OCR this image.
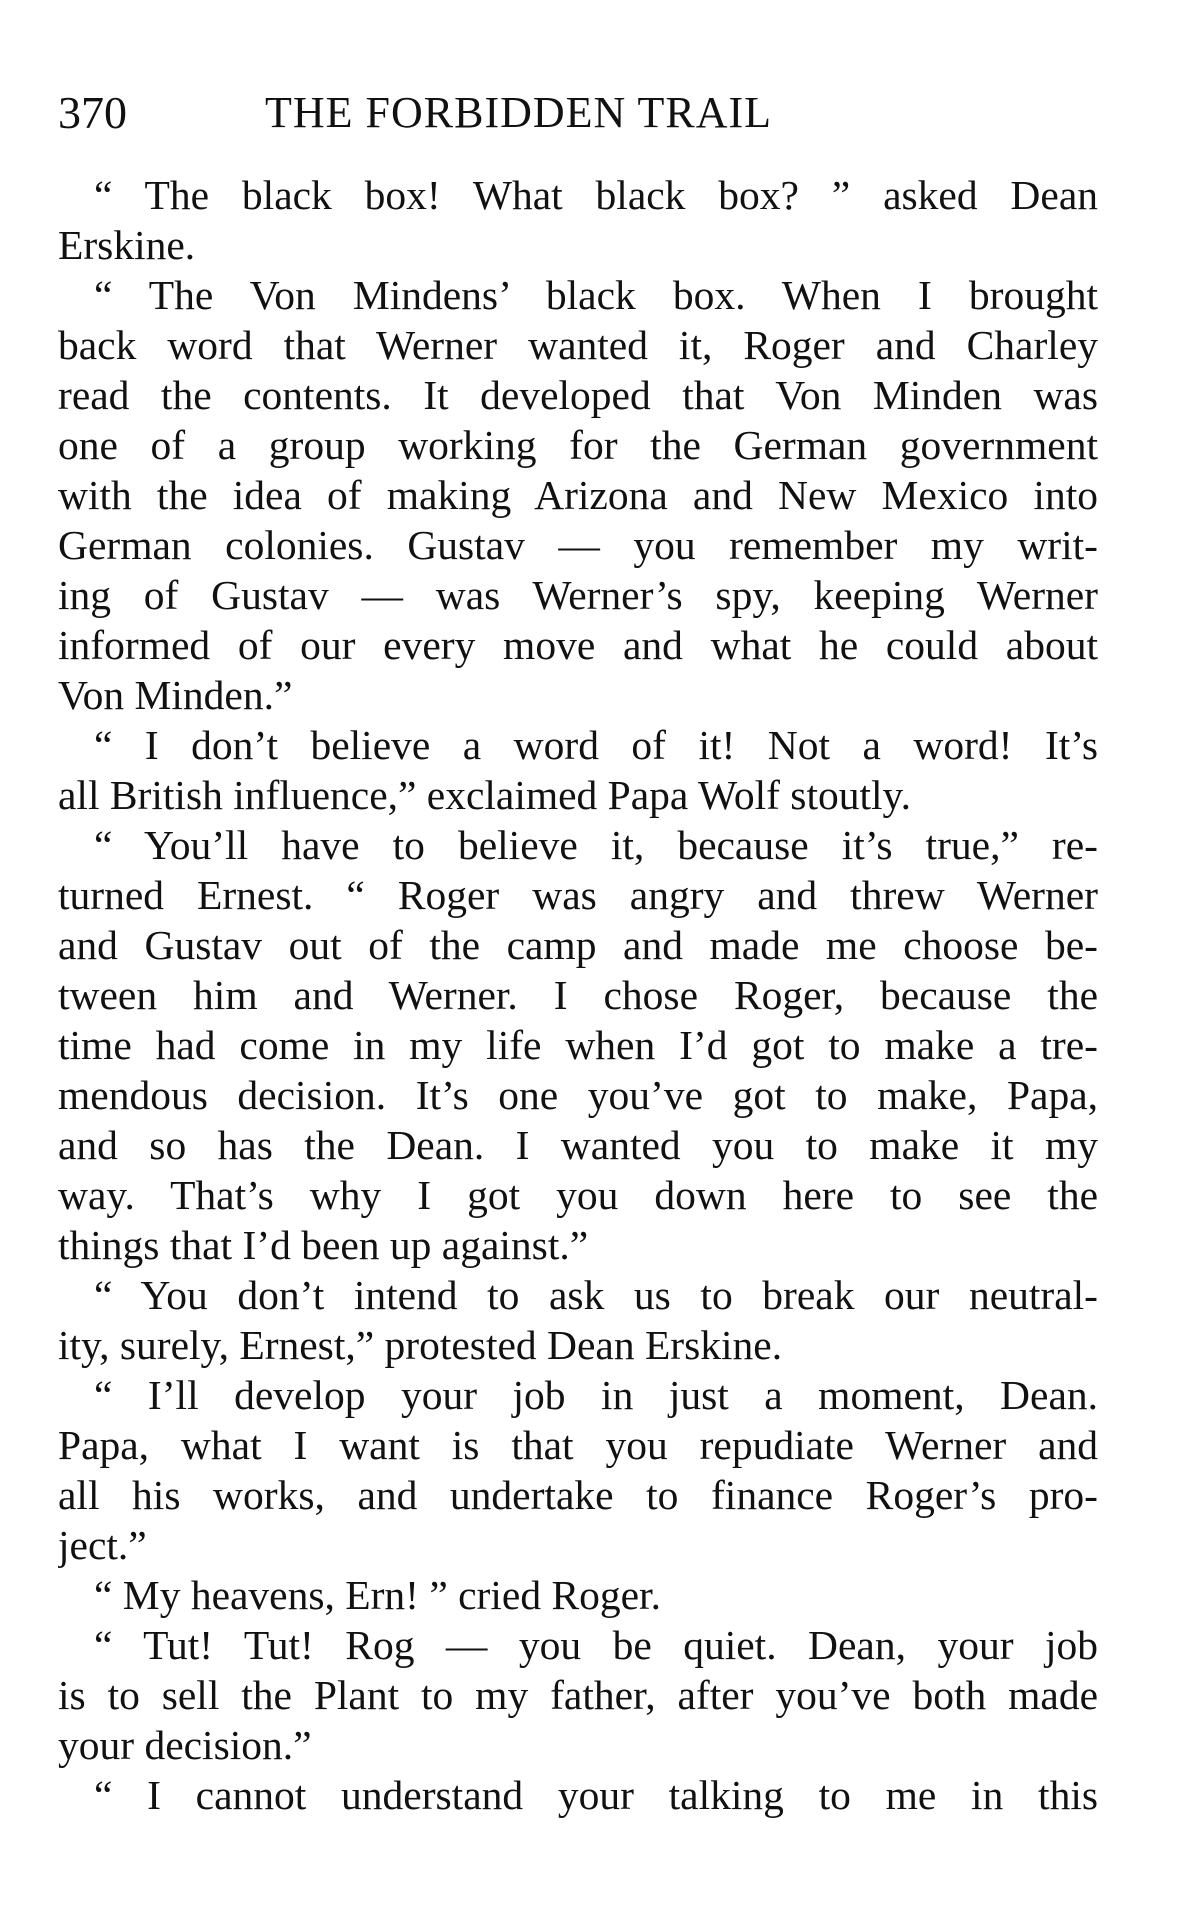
370	THE FORBIDDEN TRAIL
“ The black box! What black box? ” asked Dean
Erskine.
“ The Von Mindens’ black box. When I brought
back word that Werner wanted it, Roger and Charley
read the contents. It developed that Von Minden was
one of a group working for the German government
with the idea of making Arizona and New Mexico into
German colonies. Gustav — you remember my writ-
ing of Gustav — was Werner’s spy, keeping Werner
informed of our every move and what he could about
Von Minden.”
“ I don’t believe a word of it! Not a word! It’s
all British influence,” exclaimed Papa Wolf stoutly.
“ You’ll have to believe it, because it’s true,” re-
turned Ernest. “ Roger was angry and threw Werner
and Gustav out of the camp and made me choose be-
tween him and Werner. I chose Roger, because the
time had come in my life when I’d got to make a tre-
mendous decision. It’s one you’ve got to make, Papa,
and so has the Dean. I wanted you to make it my
way. That’s why I got you down here to see the
things that I’d been up against.”
“ You don’t intend to ask us to break our neutral-
ity, surely, Ernest,” protested Dean Erskine.
“ I’ll develop your job in just a moment, Dean.
Papa, what I want is that you repudiate Werner and
all his works, and undertake to finance Roger’s pro-
ject.”
“ My heavens, Ern! ” cried Roger.
“ Tut! Tut! Rog — you be quiet. Dean, your job
is to sell the Plant to my father, after you’ve both made
your decision.”
“ I cannot understand your talking to me in this
